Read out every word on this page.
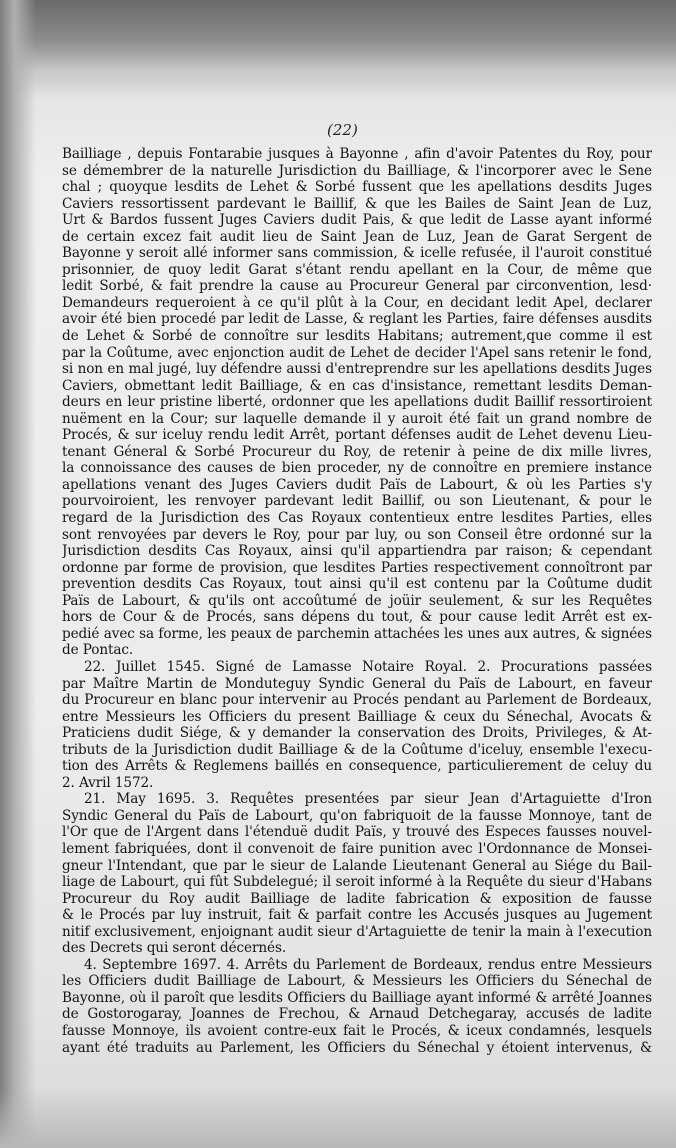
(22)
Bailliage , depuis Fontarabie jusques à Bayonne , afin d'avoir Patentes du Roy, pour
se démembrer de la naturelle Jurisdiction du Bailliage, & l'incorporer avec le Sene
chal ; quoyque lesdits de Lehet & Sorbé fussent que les apellations desdits Juges
Caviers ressortissent pardevant le Baillif, & que les Bailes de Saint Jean de Luz,
Urt & Bardos fussent Juges Caviers dudit Pais, & que ledit de Lasse ayant informé
de certain excez fait audit lieu de Saint Jean de Luz, Jean de Garat Sergent de
Bayonne y seroit allé informer sans commission, & icelle refusée, il l'auroit constitué
prisonnier, de quoy ledit Garat s'étant rendu apellant en la Cour, de même que
ledit Sorbé, & fait prendre la cause au Procureur General par circonvention, lesd·
Demandeurs requeroient à ce qu'il plût à la Cour, en decidant ledit Apel, declarer
avoir été bien procedé par ledit de Lasse, & reglant les Parties, faire défenses ausdits
de Lehet & Sorbé de connoître sur lesdits Habitans; autrement,que comme il est
par la Coûtume, avec enjonction audit de Lehet de decider l'Apel sans retenir le fond,
si non en mal jugé, luy défendre aussi d'entreprendre sur les apellations desdits Juges
Caviers, obmettant ledit Bailliage, & en cas d'insistance, remettant lesdits Deman-
deurs en leur pristine liberté, ordonner que les apellations dudit Baillif ressortiroient
nuëment en la Cour; sur laquelle demande il y auroit été fait un grand nombre de
Procés, & sur iceluy rendu ledit Arrêt, portant défenses audit de Lehet devenu Lieu-
tenant Géneral & Sorbé Procureur du Roy, de retenir à peine de dix mille livres,
la connoissance des causes de bien proceder, ny de connoître en premiere instance
apellations venant des Juges Caviers dudit Païs de Labourt, & où les Parties s'y
pourvoiroient, les renvoyer pardevant ledit Baillif, ou son Lieutenant, & pour le
regard de la Jurisdiction des Cas Royaux contentieux entre lesdites Parties, elles
sont renvoyées par devers le Roy, pour par luy, ou son Conseil être ordonné sur la
Jurisdiction desdits Cas Royaux, ainsi qu'il appartiendra par raison; & cependant
ordonne par forme de provision, que lesdites Parties respectivement connoîtront par
prevention desdits Cas Royaux, tout ainsi qu'il est contenu par la Coûtume dudit
Païs de Labourt, & qu'ils ont accoûtumé de joüir seulement, & sur les Requêtes
hors de Cour & de Procés, sans dépens du tout, & pour cause ledit Arrêt est ex-
pedié avec sa forme, les peaux de parchemin attachées les unes aux autres, & signées
de Pontac.
22. Juillet 1545. Signé de Lamasse Notaire Royal. 2. Procurations passées
par Maître Martin de Monduteguy Syndic General du Païs de Labourt, en faveur
du Procureur en blanc pour intervenir au Procés pendant au Parlement de Bordeaux,
entre Messieurs les Officiers du present Bailliage & ceux du Sénechal, Avocats &
Praticiens dudit Siége, & y demander la conservation des Droits, Privileges, & At-
tributs de la Jurisdiction dudit Bailliage & de la Coûtume d'iceluy, ensemble l'execu-
tion des Arrêts & Reglemens baillés en consequence, particulierement de celuy du
2. Avril 1572.
21. May 1695. 3. Requêtes presentées par sieur Jean d'Artaguiette d'Iron
Syndic General du Païs de Labourt, qu'on fabriquoit de la fausse Monnoye, tant de
l'Or que de l'Argent dans l'étenduë dudit Païs, y trouvé des Especes fausses nouvel-
lement fabriquées, dont il convenoit de faire punition avec l'Ordonnance de Monsei-
gneur l'Intendant, que par le sieur de Lalande Lieutenant General au Siége du Bail-
liage de Labourt, qui fût Subdelegué; il seroit informé à la Requête du sieur d'Habans
Procureur du Roy audit Bailliage de ladite fabrication & exposition de fausse
& le Procés par luy instruit, fait & parfait contre les Accusés jusques au Jugement
nitif exclusivement, enjoignant audit sieur d'Artaguiette de tenir la main à l'execution
des Decrets qui seront décernés.
4. Septembre 1697. 4. Arrêts du Parlement de Bordeaux, rendus entre Messieurs
les Officiers dudit Bailliage de Labourt, & Messieurs les Officiers du Sénechal de
Bayonne, où il paroît que lesdits Officiers du Bailliage ayant informé & arrêté Joannes
de Gostorogaray, Joannes de Frechou, & Arnaud Detchegaray, accusés de ladite
fausse Monnoye, ils avoient contre-eux fait le Procés, & iceux condamnés, lesquels
ayant été traduits au Parlement, les Officiers du Sénechal y étoient intervenus, &
